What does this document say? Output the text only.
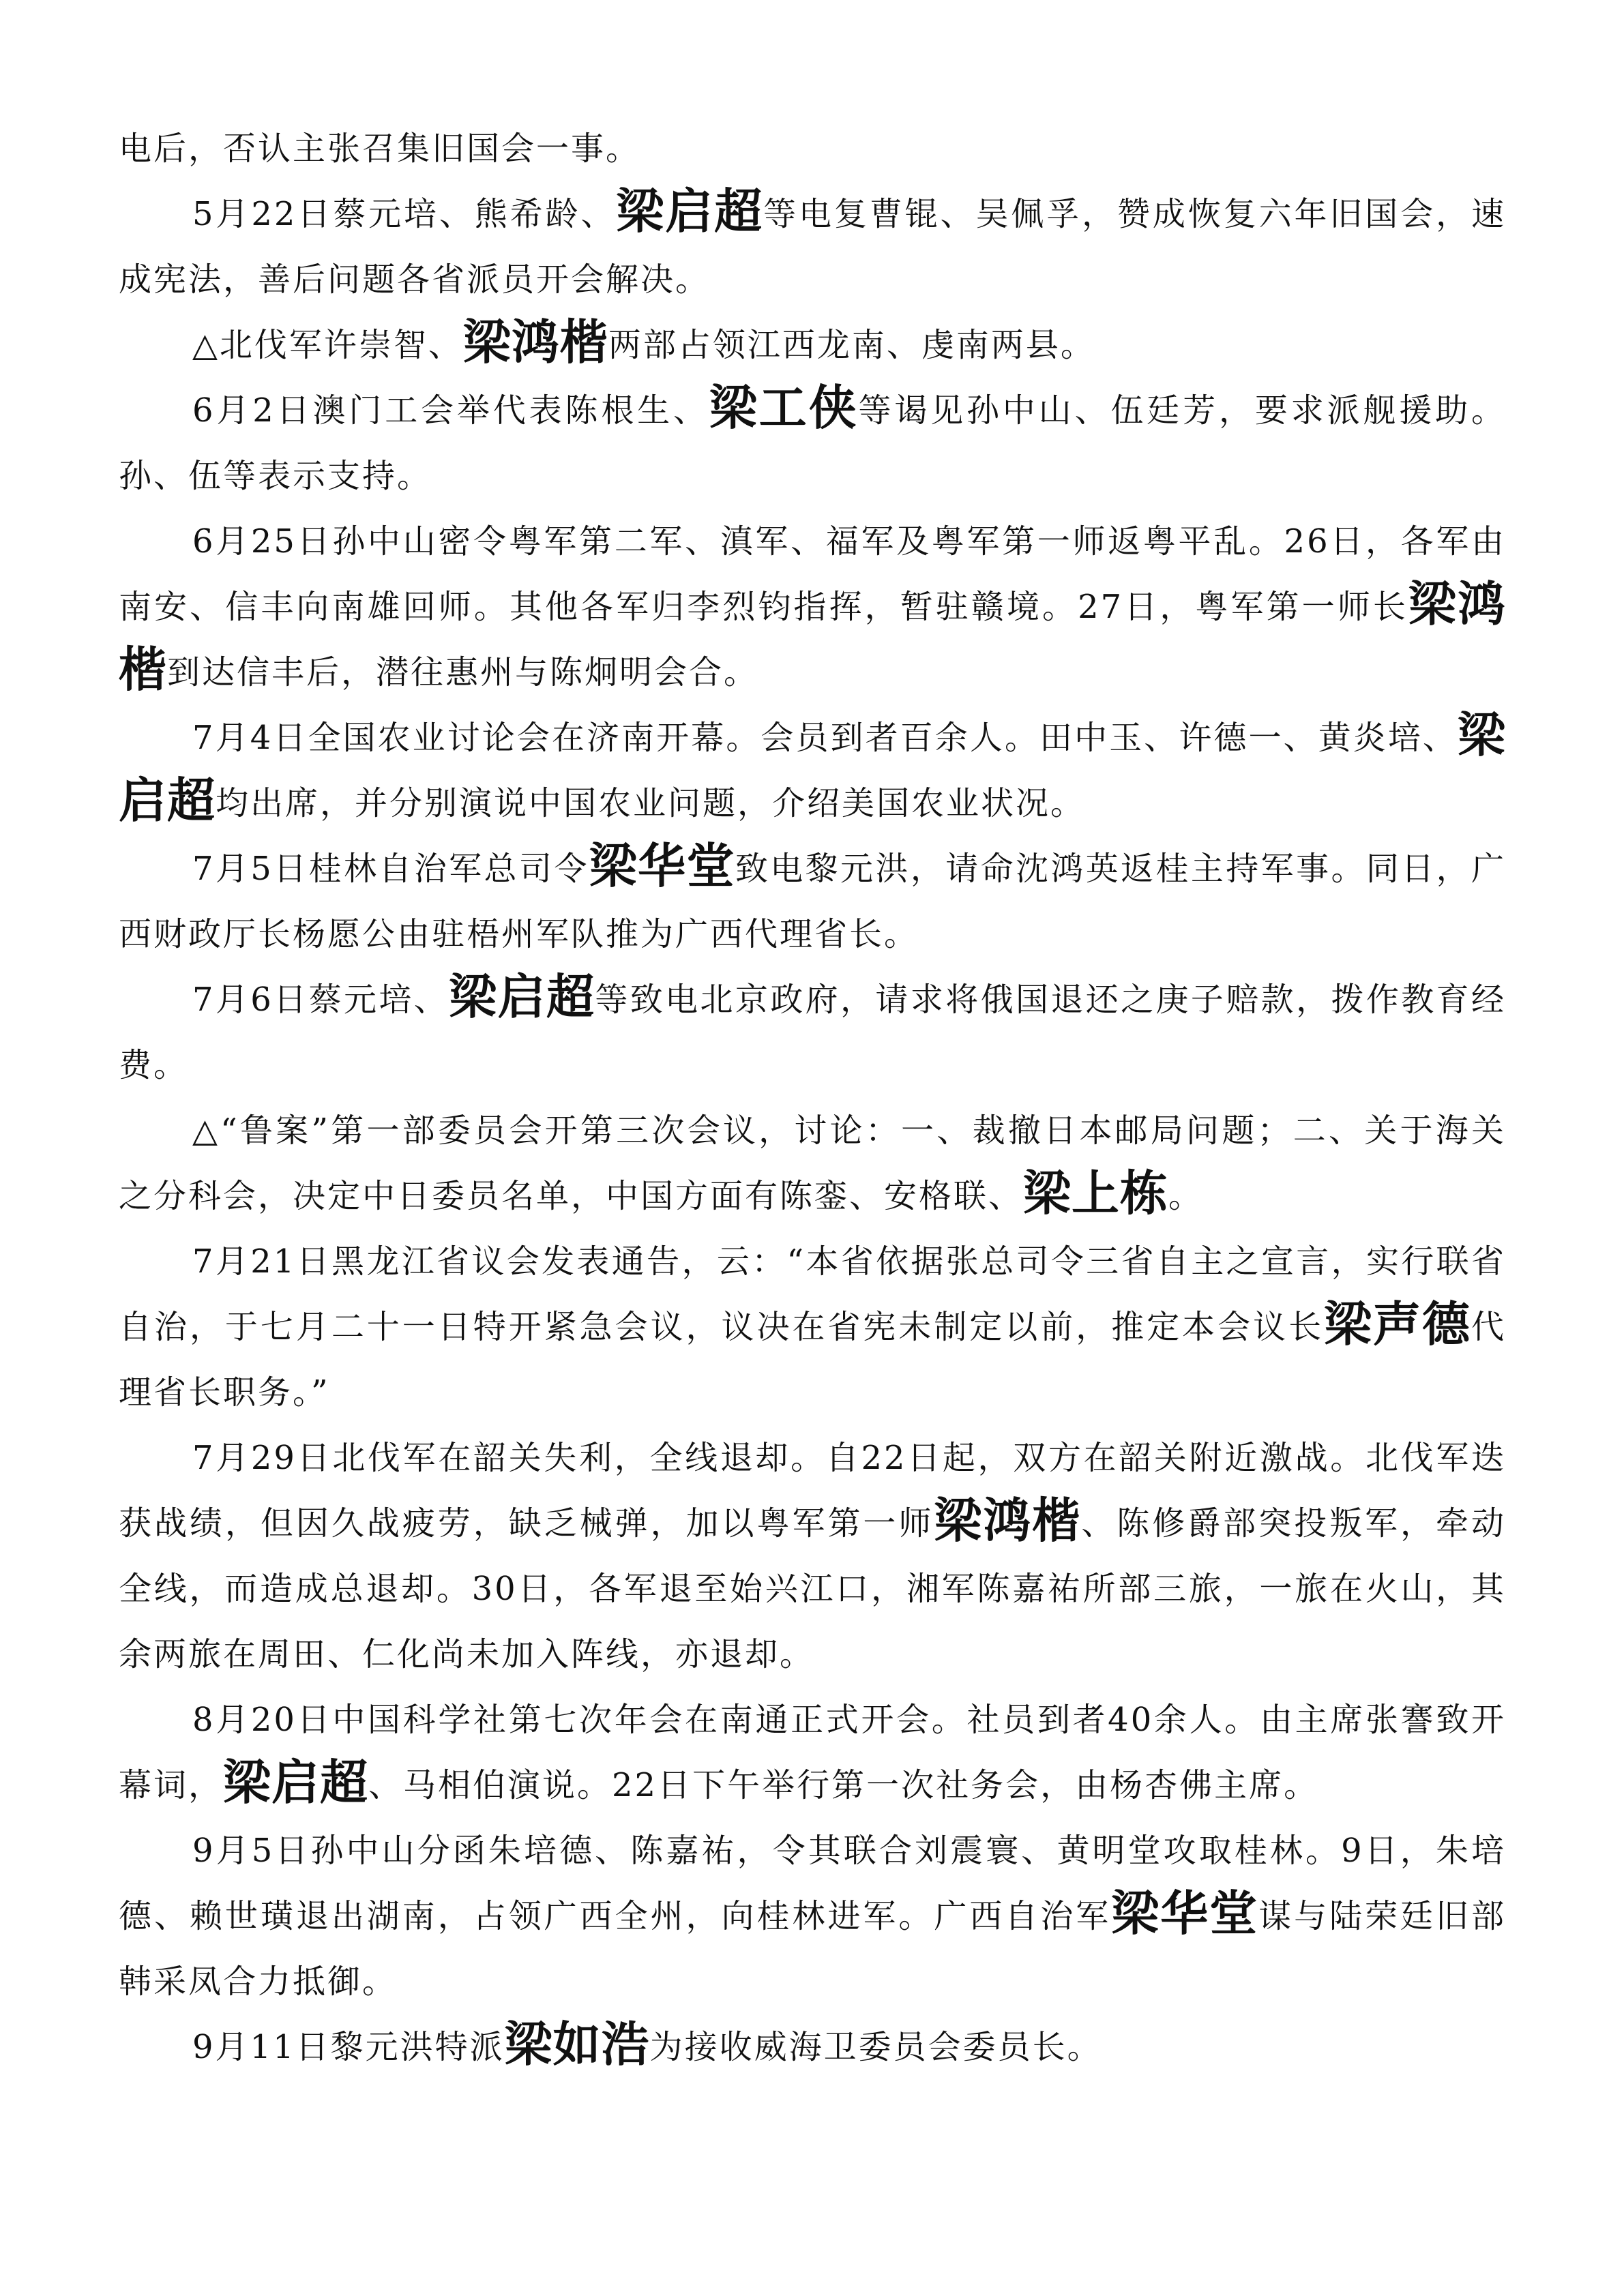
电后，否认主张召集旧国会一事。

5月22日蔡元培、熊希龄、梁启超等电复曹锟、吴佩孚，赞成恢复六年旧国会，速成宪法，善后问题各省派员开会解决。

△北伐军许崇智、梁鸿楷两部占领江西龙南、虔南两县。

6月2日澳门工会举代表陈根生、梁工侠等谒见孙中山、伍廷芳，要求派舰援助。孙、伍等表示支持。

6月25日孙中山密令粤军第二军、滇军、福军及粤军第一师返粤平乱。26日，各军由南安、信丰向南雄回师。其他各军归李烈钧指挥，暂驻赣境。27日，粤军第一师长梁鸿楷到达信丰后，潜往惠州与陈炯明会合。

7月4日全国农业讨论会在济南开幕。会员到者百余人。田中玉、许德一、黄炎培、梁启超均出席，并分别演说中国农业问题，介绍美国农业状况。

7月5日桂林自治军总司令梁华堂致电黎元洪，请命沈鸿英返桂主持军事。同日，广西财政厅长杨愿公由驻梧州军队推为广西代理省长。

7月6日蔡元培、梁启超等致电北京政府，请求将俄国退还之庚子赔款，拨作教育经费。

△“鲁案”第一部委员会开第三次会议，讨论：一、裁撤日本邮局问题；二、关于海关之分科会，决定中日委员名单，中国方面有陈銮、安格联、梁上栋。

7月21日黑龙江省议会发表通告，云：“本省依据张总司令三省自主之宣言，实行联省自治，于七月二十一日特开紧急会议，议决在省宪未制定以前，推定本会议长梁声德代理省长职务。”

7月29日北伐军在韶关失利，全线退却。自22日起，双方在韶关附近激战。北伐军迭获战绩，但因久战疲劳，缺乏械弹，加以粤军第一师梁鸿楷、陈修爵部突投叛军，牵动全线，而造成总退却。30日，各军退至始兴江口，湘军陈嘉祐所部三旅，一旅在火山，其余两旅在周田、仁化尚未加入阵线，亦退却。

8月20日中国科学社第七次年会在南通正式开会。社员到者40余人。由主席张謇致开幕词，梁启超、马相伯演说。22日下午举行第一次社务会，由杨杏佛主席。

9月5日孙中山分函朱培德、陈嘉祐，令其联合刘震寰、黄明堂攻取桂林。9日，朱培德、赖世璜退出湖南，占领广西全州，向桂林进军。广西自治军梁华堂谋与陆荣廷旧部韩采凤合力抵御。

9月11日黎元洪特派梁如浩为接收威海卫委员会委员长。
